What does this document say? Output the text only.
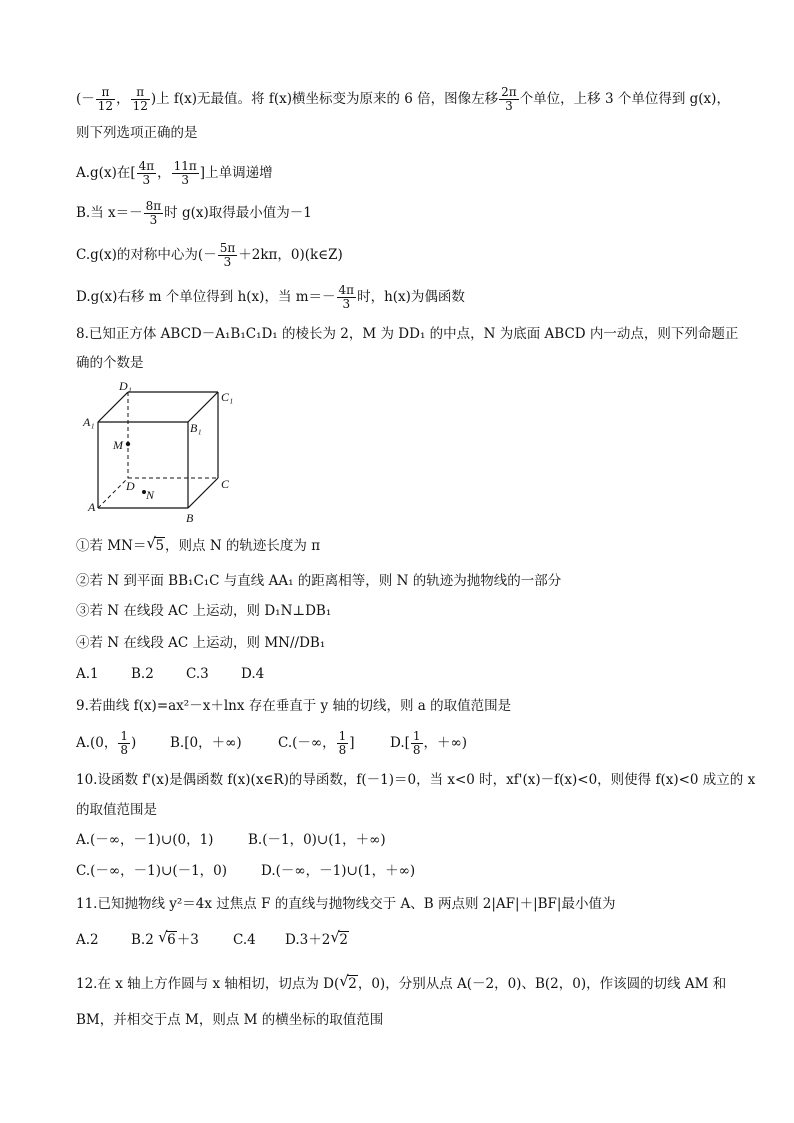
(－ $\frac{\pi}{12}$ ， $\frac{\pi}{12}$ )上 f(x)无最值。将 f(x)横坐标变为原来的 6 倍，图像左移 $\frac{2\pi}{3}$ 个单位，上移 3 个单位得到 g(x)，
则下列选项正确的是
A.g(x)在[ $\frac{4\pi}{3}$ ， $\frac{11\pi}{3}$ ]上单调递增
B.当 $x=- \frac{8\pi}{3}$ 时 g(x)取得最小值为－1
C.g(x)的对称中心为(－ $\frac{5\pi}{3} +2k\pi$，0)(k∈Z)
D.g(x)右移 m 个单位得到 h(x)，当 $m=- \frac{4\pi}{3}$ 时，h(x)为偶函数
8.已知正方体 ABCD－A₁B₁C₁D₁ 的棱长为 2，M 为 DD₁ 的中点，N 为底面 ABCD 内一动点，则下列命题正
确的个数是
D₁
C₁
A₁	B₁
M
D
N
A
B
C
①若 MN＝ √ 5，则点 N 的轨迹长度为 π
②若 N 到平面 BB₁C₁C 与直线 AA₁ 的距离相等，则 N 的轨迹为抛物线的一部分
③若 N 在线段 AC 上运动，则 D₁N⊥DB₁
④若 N 在线段 AC 上运动，则 MN//DB₁
A.1 B.2 C.3 D.4
9.若曲线 f(x)=ax²－x＋lnx 存在垂直于 y 轴的切线，则 a 的取值范围是
A.(0， $\frac{1}{8}$ ) B.[0，＋∞)	C.(－∞， $\frac{1}{8}$ ]	$D.[ \frac{1}{8}$ ，＋∞)
10.设函数 f'(x)是偶函数 f(x)(x∈R)的导函数，f(－1)＝0，当 x<0 时，xf'(x)－f(x)<0，则使得 f(x)<0 成立的 x
的取值范围是
A.(－∞，－1)∪(0，1)	B.(－1，0)∪(1，＋∞)
C.(－∞，－1)∪(－1，0)	D.(－∞，－1)∪(1，＋∞)
11.已知抛物线 y²＝4x 过焦点 F 的直线与抛物线交于 A、B 两点则 2|AF|＋|BF|最小值为
A.2 B.2 √ 6＋3	C.4 D.3＋2 √ 2
12.在 x 轴上方作圆与 x 轴相切，切点为 D( √ 2，0)，分别从点 A(－2，0)、B(2，0)，作该圆的切线 AM 和
BM，并相交于点 M，则点 M 的横坐标的取值范围
